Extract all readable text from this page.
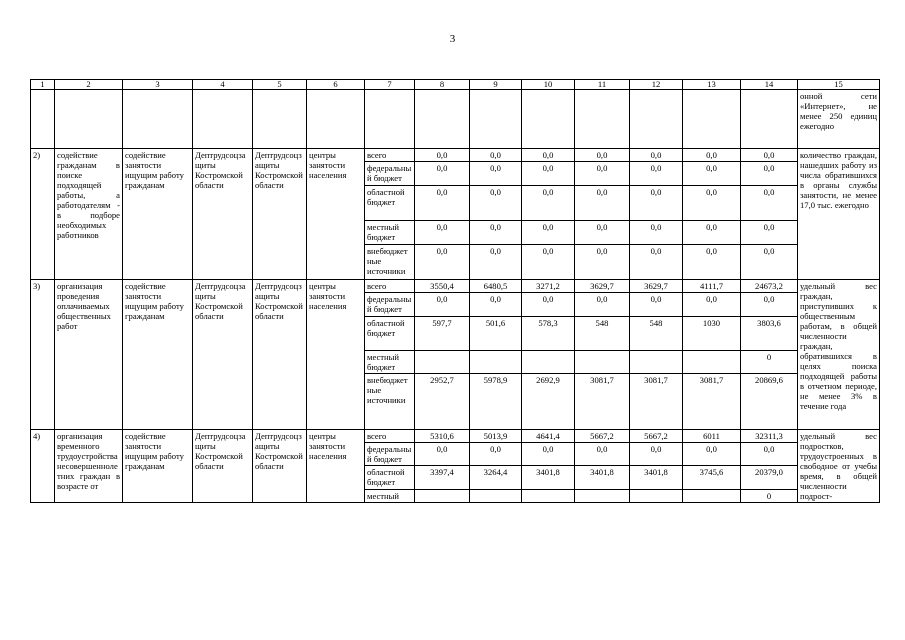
3
1	2	3	4	5	6	7	8	9	10	11	12	13	14	15
														онной сети «Интернет», не менее 250 единиц ежегодно
2)	содействие гражданам в поиске подходящей работы, а работодателям - в подборе необходимых работников	содействие занятости ищущим работу гражданам	Дептрудсоцзащиты Костромской области	Дептрудсоцзащиты Костромской области	центры занятости населения	всего	0,0	0,0	0,0	0,0	0,0	0,0	0,0	количество граждан, нашедших работу из числа обратившихся в органы службы занятости, не менее 17,0 тыс. ежегодно
						федеральный бюджет	0,0	0,0	0,0	0,0	0,0	0,0	0,0	
						областной бюджет	0,0	0,0	0,0	0,0	0,0	0,0	0,0	
						местный бюджет	0,0	0,0	0,0	0,0	0,0	0,0	0,0	
						внебюджетные источники	0,0	0,0	0,0	0,0	0,0	0,0	0,0	
3)	организация проведения оплачиваемых общественных работ	содействие занятости ищущим работу гражданам	Дептрудсоцзащиты Костромской области	Дептрудсоцзащиты Костромской области	центры занятости населения	всего	3550,4	6480,5	3271,2	3629,7	3629,7	4111,7	24673,2	удельный вес граждан, приступивших к общественным работам, в общей численности граждан, обратившихся в целях поиска подходящей работы в отчетном периоде, не менее 3% в течение года
						федеральный бюджет	0,0	0,0	0,0	0,0	0,0	0,0	0,0	
						областной бюджет	597,7	501,6	578,3	548	548	1030	3803,6	
						местный бюджет							0	
						внебюджетные источники	2952,7	5978,9	2692,9	3081,7	3081,7	3081,7	20869,6	
4)	организация временного трудоустройства несовершеннолетних граждан в возрасте от	содействие занятости ищущим работу гражданам	Дептрудсоцзащиты Костромской области	Дептрудсоцзащиты Костромской области	центры занятости населения	всего	5310,6	5013,9	4641,4	5667,2	5667,2	6011	32311,3	удельный вес подростков, трудоустроенных в свободное от учебы время, в общей численности подрост-
						федеральный бюджет	0,0	0,0	0,0	0,0	0,0	0,0	0,0	
						областной бюджет	3397,4	3264,4	3401,8	3401,8	3401,8	3745,6	20379,0	
						местный							0	
